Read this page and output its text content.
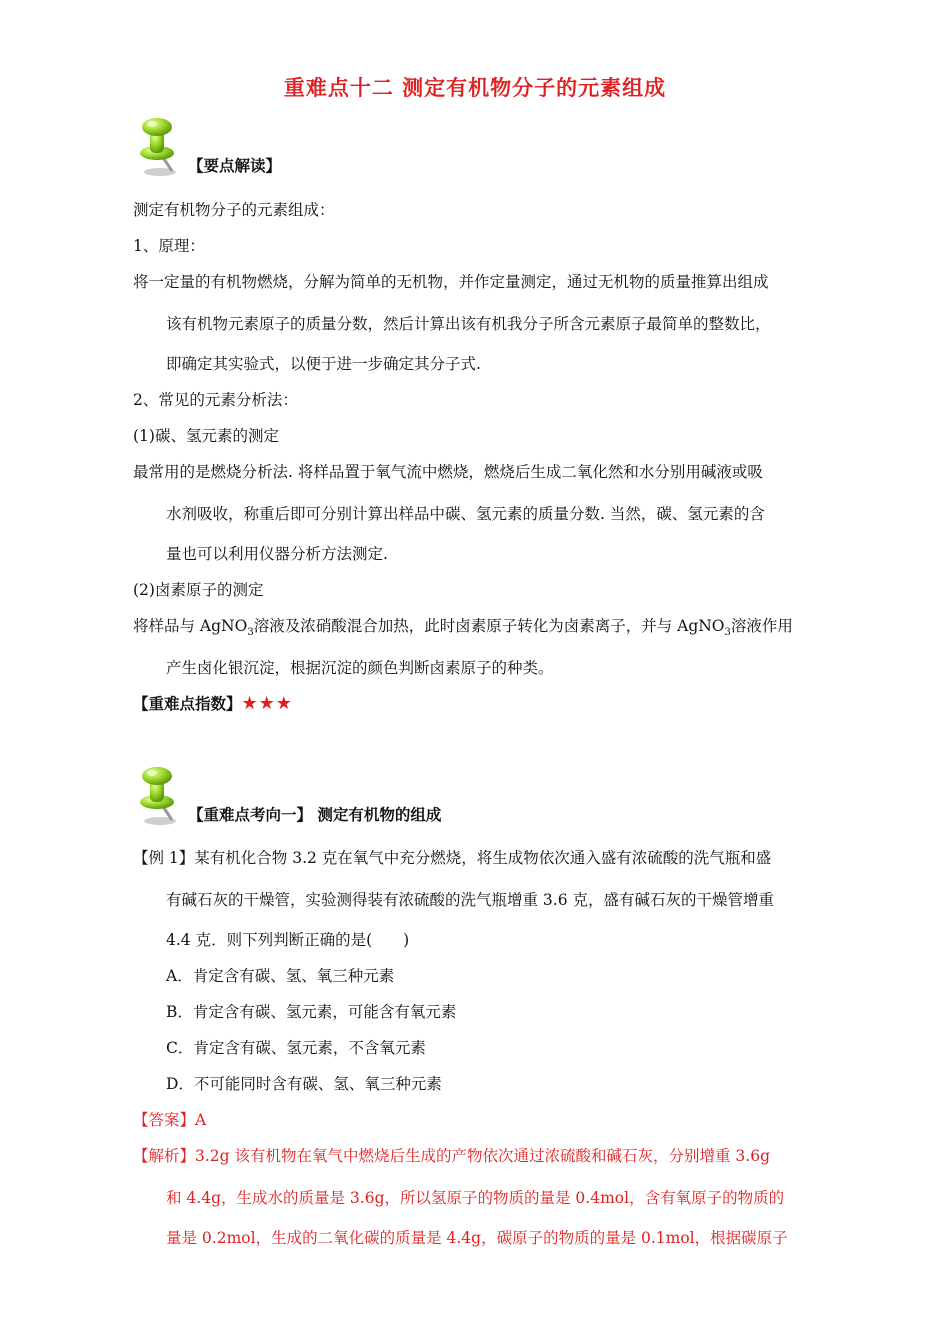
重难点十二 测定有机物分子的元素组成
【要点解读】
测定有机物分子的元素组成：
1、原理：
将一定量的有机物燃烧，分解为简单的无机物，并作定量测定，通过无机物的质量推算出组成
该有机物元素原子的质量分数，然后计算出该有机我分子所含元素原子最简单的整数比，
即确定其实验式，以便于进一步确定其分子式.
2、常见的元素分析法：
(1)碳、氢元素的测定
最常用的是燃烧分析法. 将样品置于氧气流中燃烧，燃烧后生成二氧化然和水分别用碱液或吸
水剂吸收，称重后即可分别计算出样品中碳、氢元素的质量分数. 当然，碳、氢元素的含
量也可以利用仪器分析方法测定.
(2)卤素原子的测定
将样品与 AgNO$_3$溶液及浓硝酸混合加热，此时卤素原子转化为卤素离子，并与 AgNO$_3$溶液作用
产生卤化银沉淀，根据沉淀的颜色判断卤素原子的种类。
【重难点指数】★★★
【重难点考向一】 测定有机物的组成
【例 1】某有机化合物 3.2 克在氧气中充分燃烧，将生成物依次通入盛有浓硫酸的洗气瓶和盛
有碱石灰的干燥管，实验测得装有浓硫酸的洗气瓶增重 3.6 克，盛有碱石灰的干燥管增重
4.4 克．则下列判断正确的是(　　)
A．肯定含有碳、氢、氧三种元素
B．肯定含有碳、氢元素，可能含有氧元素
C．肯定含有碳、氢元素，不含氧元素
D．不可能同时含有碳、氢、氧三种元素
【答案】A
【解析】3.2g 该有机物在氧气中燃烧后生成的产物依次通过浓硫酸和碱石灰，分别增重 3.6g
和 4.4g，生成水的质量是 3.6g，所以氢原子的物质的量是 0.4mol，含有氧原子的物质的
量是 0.2mol，生成的二氧化碳的质量是 4.4g，碳原子的物质的量是 0.1mol，根据碳原子
